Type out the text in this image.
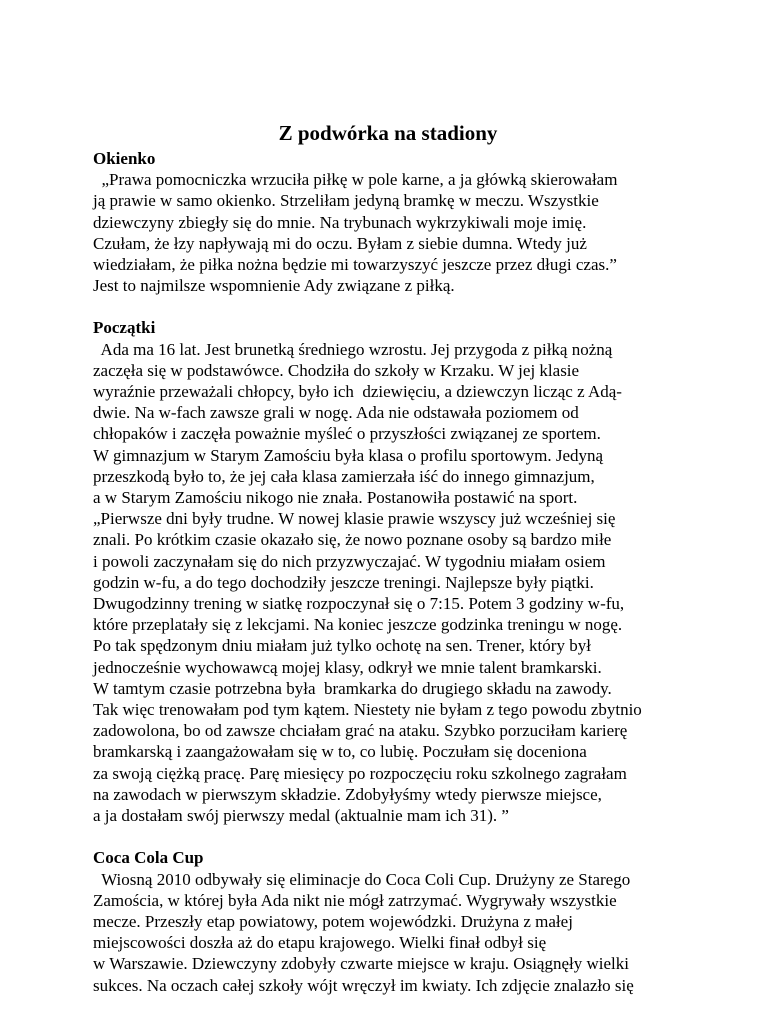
Z podwórka na stadiony
Okienko
„Prawa pomocniczka wrzuciła piłkę w pole karne, a ja główką skierowałam
ją prawie w samo okienko. Strzeliłam jedyną bramkę w meczu. Wszystkie
dziewczyny zbiegły się do mnie. Na trybunach wykrzykiwali moje imię.
Czułam, że łzy napływają mi do oczu. Byłam z siebie dumna. Wtedy już
wiedziałam, że piłka nożna będzie mi towarzyszyć jeszcze przez długi czas.”
Jest to najmilsze wspomnienie Ady związane z piłką.
Początki
Ada ma 16 lat. Jest brunetką średniego wzrostu. Jej przygoda z piłką nożną
zaczęła się w podstawówce. Chodziła do szkoły w Krzaku. W jej klasie
wyraźnie przeważali chłopcy, było ich  dziewięciu, a dziewczyn licząc z Adą-
dwie. Na w-fach zawsze grali w nogę. Ada nie odstawała poziomem od
chłopaków i zaczęła poważnie myśleć o przyszłości związanej ze sportem.
W gimnazjum w Starym Zamościu była klasa o profilu sportowym. Jedyną
przeszkodą było to, że jej cała klasa zamierzała iść do innego gimnazjum,
a w Starym Zamościu nikogo nie znała. Postanowiła postawić na sport.
„Pierwsze dni były trudne. W nowej klasie prawie wszyscy już wcześniej się
znali. Po krótkim czasie okazało się, że nowo poznane osoby są bardzo miłe
i powoli zaczynałam się do nich przyzwyczajać. W tygodniu miałam osiem
godzin w-fu, a do tego dochodziły jeszcze treningi. Najlepsze były piątki.
Dwugodzinny trening w siatkę rozpoczynał się o 7:15. Potem 3 godziny w-fu,
które przeplatały się z lekcjami. Na koniec jeszcze godzinka treningu w nogę.
Po tak spędzonym dniu miałam już tylko ochotę na sen. Trener, który był
jednocześnie wychowawcą mojej klasy, odkrył we mnie talent bramkarski.
W tamtym czasie potrzebna była  bramkarka do drugiego składu na zawody.
Tak więc trenowałam pod tym kątem. Niestety nie byłam z tego powodu zbytnio
zadowolona, bo od zawsze chciałam grać na ataku. Szybko porzuciłam karierę
bramkarską i zaangażowałam się w to, co lubię. Poczułam się doceniona
za swoją ciężką pracę. Parę miesięcy po rozpoczęciu roku szkolnego zagrałam
na zawodach w pierwszym składzie. Zdobyłyśmy wtedy pierwsze miejsce,
a ja dostałam swój pierwszy medal (aktualnie mam ich 31). ”
Coca Cola Cup
Wiosną 2010 odbywały się eliminacje do Coca Coli Cup. Drużyny ze Starego
Zamościa, w której była Ada nikt nie mógł zatrzymać. Wygrywały wszystkie
mecze. Przeszły etap powiatowy, potem wojewódzki. Drużyna z małej
miejscowości doszła aż do etapu krajowego. Wielki finał odbył się
w Warszawie. Dziewczyny zdobyły czwarte miejsce w kraju. Osiągnęły wielki
sukces. Na oczach całej szkoły wójt wręczył im kwiaty. Ich zdjęcie znalazło się
